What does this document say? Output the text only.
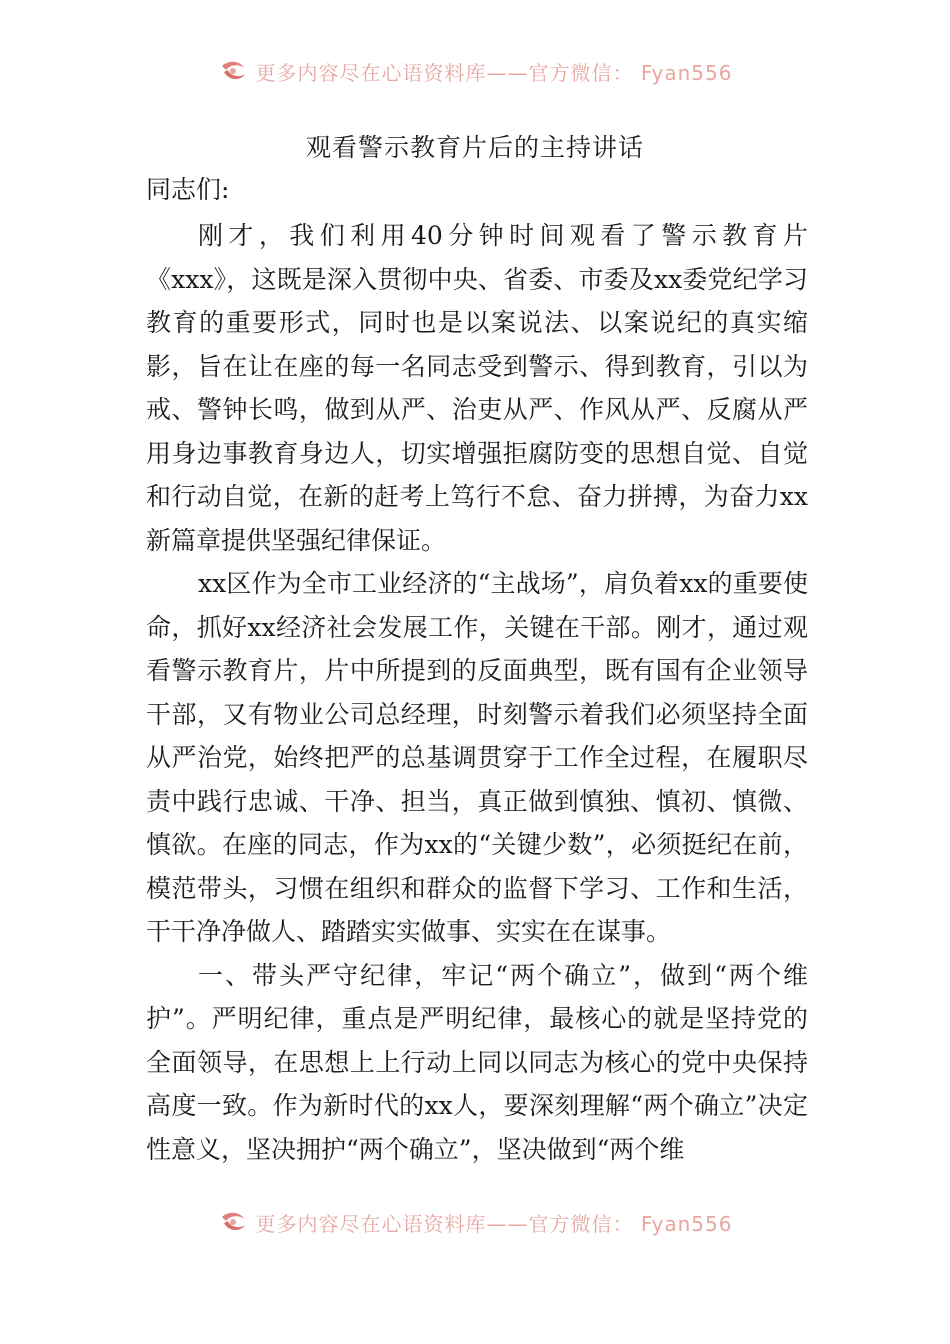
更多内容尽在心语资料库——官方微信： Fyan556
观看警示教育片后的主持讲话
同志们:

刚才，我们利用40分钟时间观看了警示教育片《xxx》，这既是深入贯彻中央、省委、市委及xx委党纪学习教育的重要形式，同时也是以案说法、以案说纪的真实缩影，旨在让在座的每一名同志受到警示、得到教育，引以为戒、警钟长鸣，做到从严、治吏从严、作风从严、反腐从严用身边事教育身边人，切实增强拒腐防变的思想自觉、自觉和行动自觉，在新的赶考上笃行不怠、奋力拼搏，为奋力xx新篇章提供坚强纪律保证。

xx区作为全市工业经济的“主战场”，肩负着xx的重要使命，抓好xx经济社会发展工作，关键在干部。刚才，通过观看警示教育片，片中所提到的反面典型，既有国有企业领导干部，又有物业公司总经理，时刻警示着我们必须坚持全面从严治党，始终把严的总基调贯穿于工作全过程，在履职尽责中践行忠诚、干净、担当，真正做到慎独、慎初、慎微、慎欲。在座的同志，作为xx的“关键少数”，必须挺纪在前，模范带头，习惯在组织和群众的监督下学习、工作和生活，干干净净做人、踏踏实实做事、实实在在谋事。

一、带头严守纪律，牢记“两个确立”，做到“两个维护”。严明纪律，重点是严明纪律，最核心的就是坚持党的全面领导，在思想上上行动上同以同志为核心的党中央保持高度一致。作为新时代的xx人，要深刻理解“两个确立”决定性意义，坚决拥护“两个确立”，坚决做到“两个维

更多内容尽在心语资料库——官方微信： Fyan556
